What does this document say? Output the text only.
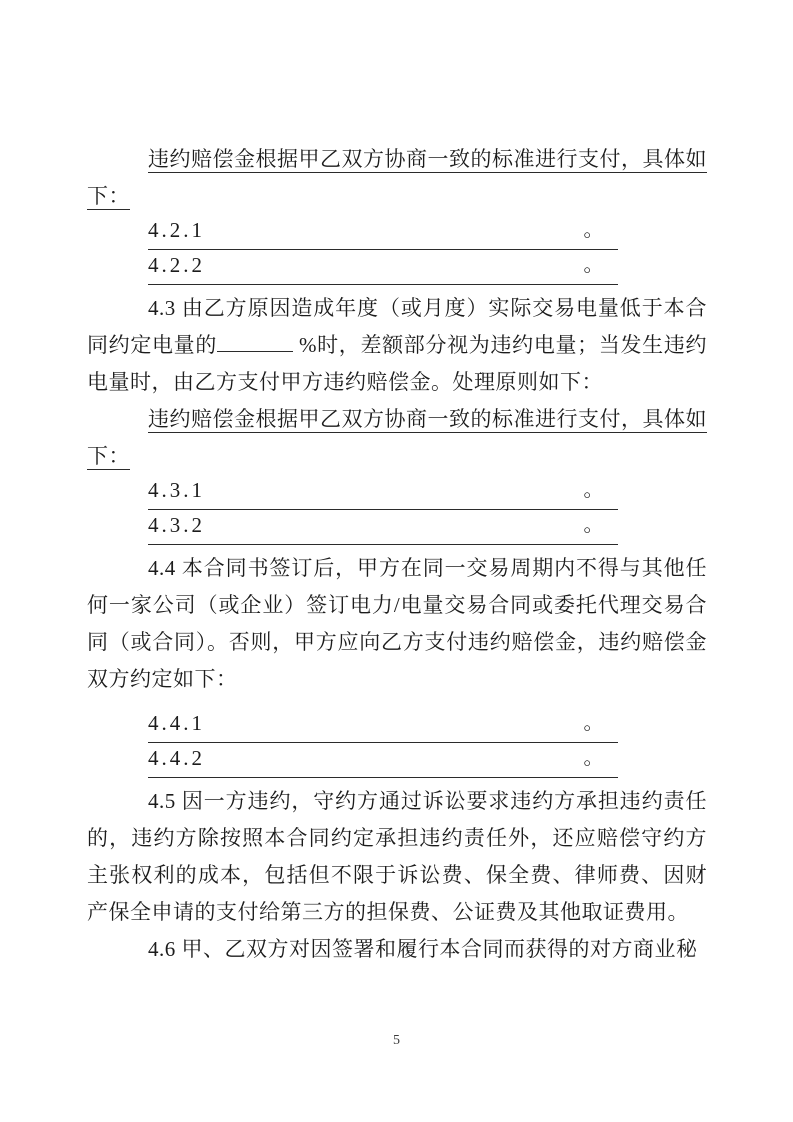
违约赔偿金根据甲乙双方协商一致的标准进行支付，具体如下：

4.2.1	。
4.2.2	。

4.3 由乙方原因造成年度（或月度）实际交易电量低于本合同约定电量的	%时，差额部分视为违约电量；当发生违约电量时，由乙方支付甲方违约赔偿金。处理原则如下：

违约赔偿金根据甲乙双方协商一致的标准进行支付，具体如下：

4.3.1	。
4.3.2	。

4.4 本合同书签订后，甲方在同一交易周期内不得与其他任何一家公司（或企业）签订电力/电量交易合同或委托代理交易合同（或合同）。否则，甲方应向乙方支付违约赔偿金，违约赔偿金双方约定如下：

4.4.1	。
4.4.2	。

4.5 因一方违约，守约方通过诉讼要求违约方承担违约责任的，违约方除按照本合同约定承担违约责任外，还应赔偿守约方主张权利的成本，包括但不限于诉讼费、保全费、律师费、因财产保全申请的支付给第三方的担保费、公证费及其他取证费用。

4.6 甲、乙双方对因签署和履行本合同而获得的对方商业秘

5
